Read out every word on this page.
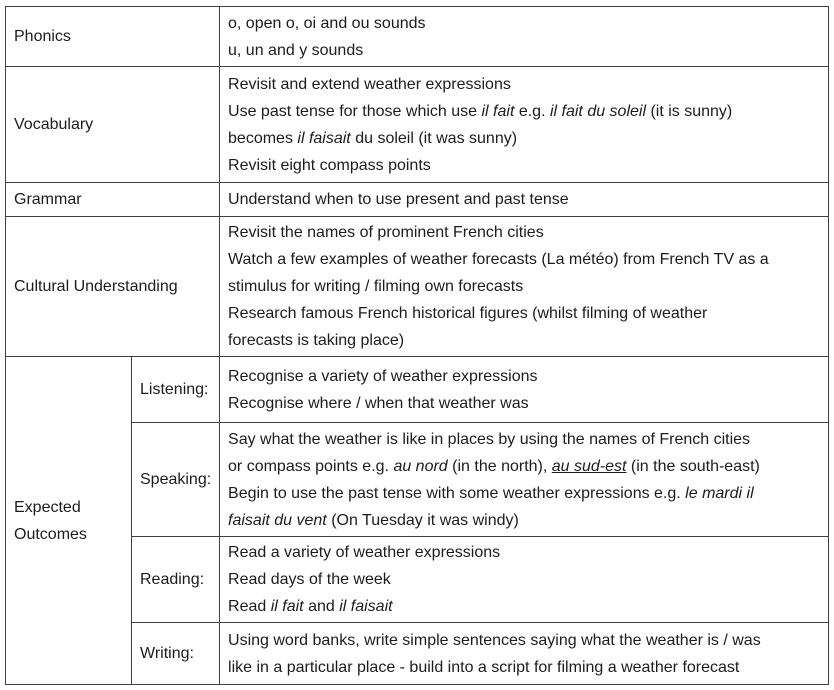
Phonics		o, open o, oi and ou sounds
u, un and y sounds

Vocabulary		Revisit and extend weather expressions
Use past tense for those which use il fait e.g. il fait du soleil (it is sunny)
becomes il faisait du soleil (it was sunny)
Revisit eight compass points

Grammar		Understand when to use present and past tense

Cultural Understanding		Revisit the names of prominent French cities
Watch a few examples of weather forecasts (La météo) from French TV as a
stimulus for writing / filming own forecasts
Research famous French historical figures (whilst filming of weather
forecasts is taking place)

Expected Outcomes	Listening:	Recognise a variety of weather expressions
Recognise where / when that weather was

	Speaking:	Say what the weather is like in places by using the names of French cities
or compass points e.g. au nord (in the north), au sud-est (in the south-east)
Begin to use the past tense with some weather expressions e.g. le mardi il
faisait du vent (On Tuesday it was windy)

	Reading:	Read a variety of weather expressions
Read days of the week
Read il fait and il faisait

	Writing:	Using word banks, write simple sentences saying what the weather is / was
like in a particular place - build into a script for filming a weather forecast
